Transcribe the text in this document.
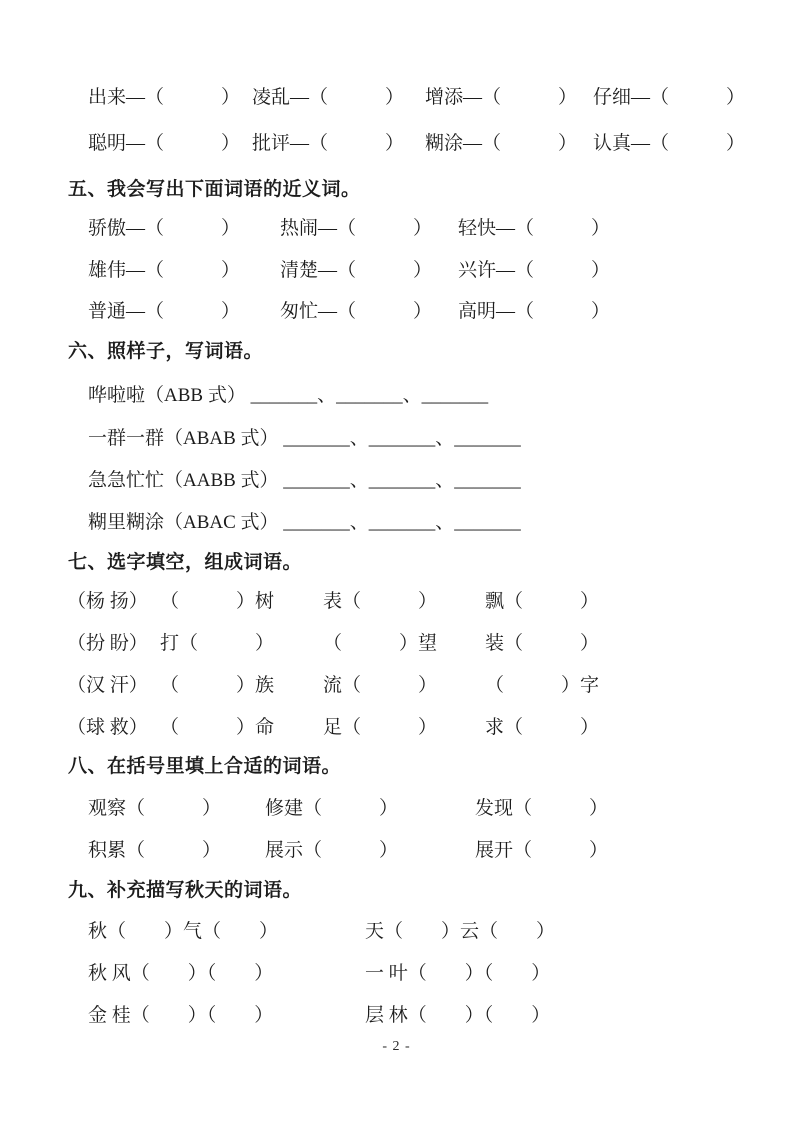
出来—（　　　） 凌乱—（　　　）	增添—（　　　） 仔细—（　　　）
聪明—（　　　） 批评—（　　　）	糊涂—（　　　） 认真—（　　　）
五、我会写出下面词语的近义词。
骄傲—（　　　）	热闹—（　　　）	轻快—（　　　）
雄伟—（　　　）	清楚—（　　　）	兴许—（　　　）
普通—（　　　）	匆忙—（　　　）	高明—（　　　）
六、照样子，写词语。
哗啦啦（ABB 式） _______、_______、_______
一群一群（ABAB 式） _______、_______、_______
急急忙忙（AABB 式） _______、_______、_______
糊里糊涂（ABAC 式） _______、_______、_______
七、选字填空，组成词语。
（杨 扬） （　　　）树	表（　　　）	飘（　　　）
（扮 盼） 打（　　　）	（　　　）望	装（　　　）
（汉 汗） （　　　）族	流（　　　）	（　　　）字
（球 救） （　　　）命	足（　　　）	求（　　　）
八、在括号里填上合适的词语。
观察（　　　）	修建（　　　）	发现（　　　）
积累（　　　）	展示（　　　）	展开（　　　）
九、补充描写秋天的词语。
秋（　　）气（　　）	天（　　）云（　　）
秋 风（　　）（　　）	一 叶（　　）（　　）
金 桂（　　）（　　）	层 林（　　）（　　）
- 2 -
